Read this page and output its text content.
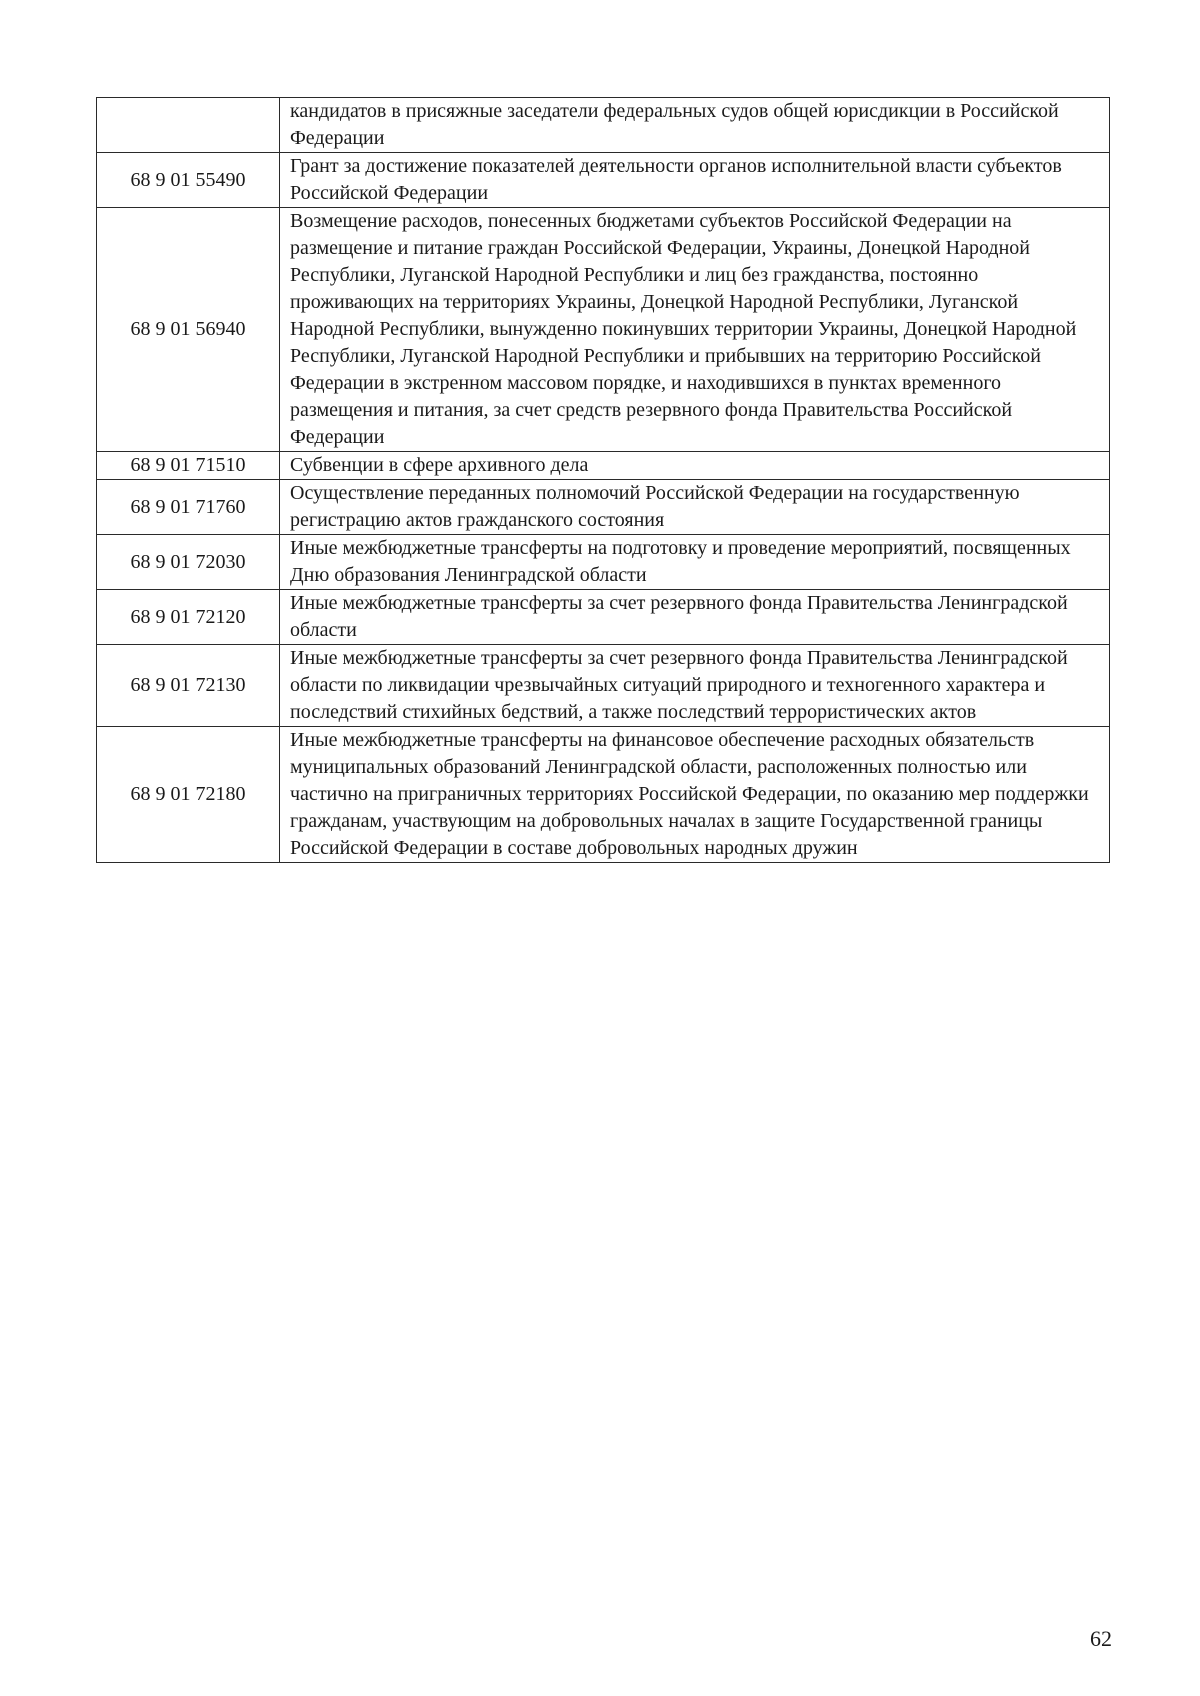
	кандидатов в присяжные заседатели федеральных судов общей юрисдикции в Российской Федерации
68 9 01 55490	Грант за достижение показателей деятельности органов исполнительной власти субъектов Российской Федерации
68 9 01 56940	Возмещение расходов, понесенных бюджетами субъектов Российской Федерации на размещение и питание граждан Российской Федерации, Украины, Донецкой Народной Республики, Луганской Народной Республики и лиц без гражданства, постоянно проживающих на территориях Украины, Донецкой Народной Республики, Луганской Народной Республики, вынужденно покинувших территории Украины, Донецкой Народной Республики, Луганской Народной Республики и прибывших на территорию Российской Федерации в экстренном массовом порядке, и находившихся в пунктах временного размещения и питания, за счет средств резервного фонда Правительства Российской Федерации
68 9 01 71510	Субвенции в сфере архивного дела
68 9 01 71760	Осуществление переданных полномочий Российской Федерации на государственную регистрацию актов гражданского состояния
68 9 01 72030	Иные межбюджетные трансферты на подготовку и проведение мероприятий, посвященных Дню образования Ленинградской области
68 9 01 72120	Иные межбюджетные трансферты за счет резервного фонда Правительства Ленинградской области
68 9 01 72130	Иные межбюджетные трансферты за счет резервного фонда Правительства Ленинградской области по ликвидации чрезвычайных ситуаций природного и техногенного характера и последствий стихийных бедствий, а также последствий террористических актов
68 9 01 72180	Иные межбюджетные трансферты на финансовое обеспечение расходных обязательств муниципальных образований Ленинградской области, расположенных полностью или частично на приграничных территориях Российской Федерации, по оказанию мер поддержки гражданам, участвующим на добровольных началах в защите Государственной границы Российской Федерации в составе добровольных народных дружин
62
